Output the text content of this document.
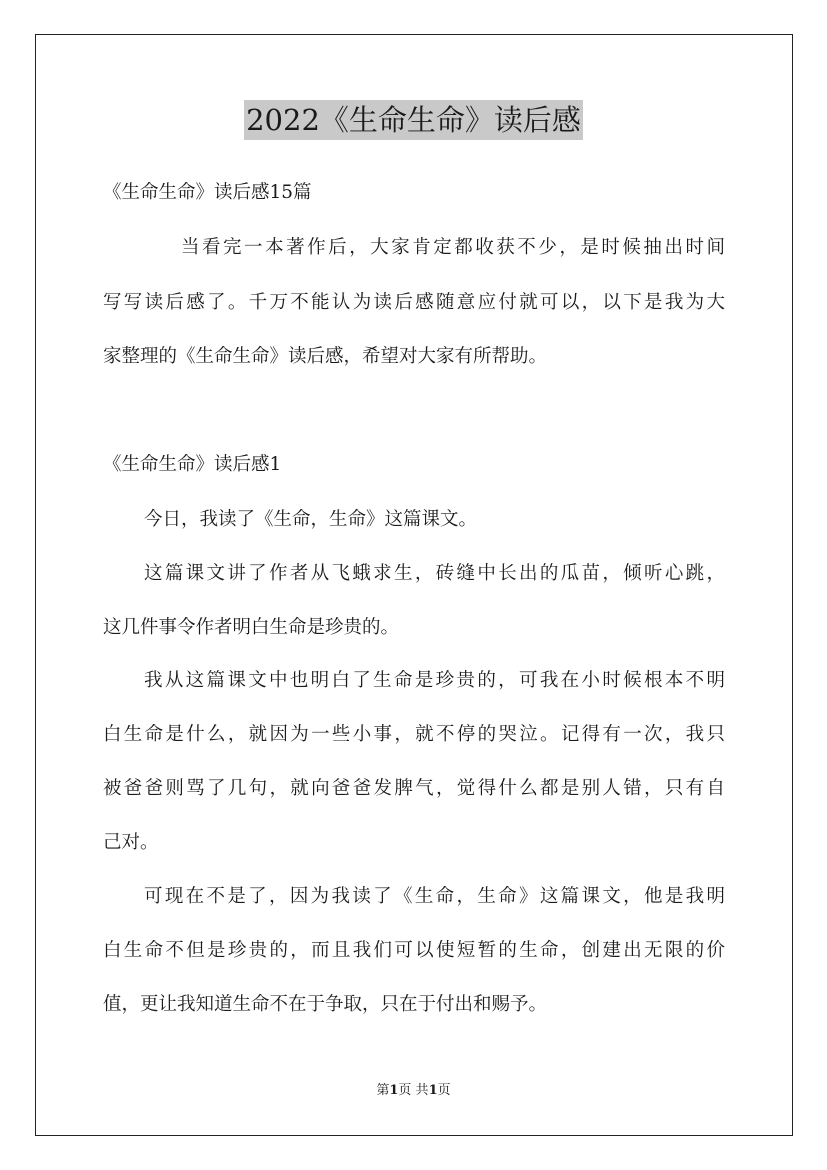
2022《生命生命》读后感
《生命生命》读后感15篇
当看完一本著作后，大家肯定都收获不少，是时候抽出时间
写写读后感了。千万不能认为读后感随意应付就可以，以下是我为大
家整理的《生命生命》读后感，希望对大家有所帮助。
《生命生命》读后感1
今日，我读了《生命，生命》这篇课文。
这篇课文讲了作者从飞蛾求生，砖缝中长出的瓜苗，倾听心跳，
这几件事令作者明白生命是珍贵的。
我从这篇课文中也明白了生命是珍贵的，可我在小时候根本不明
白生命是什么，就因为一些小事，就不停的哭泣。记得有一次，我只
被爸爸则骂了几句，就向爸爸发脾气，觉得什么都是别人错，只有自
己对。
可现在不是了，因为我读了《生命，生命》这篇课文，他是我明
白生命不但是珍贵的，而且我们可以使短暂的生命，创建出无限的价
值，更让我知道生命不在于争取，只在于付出和赐予。
第1页 共1页
